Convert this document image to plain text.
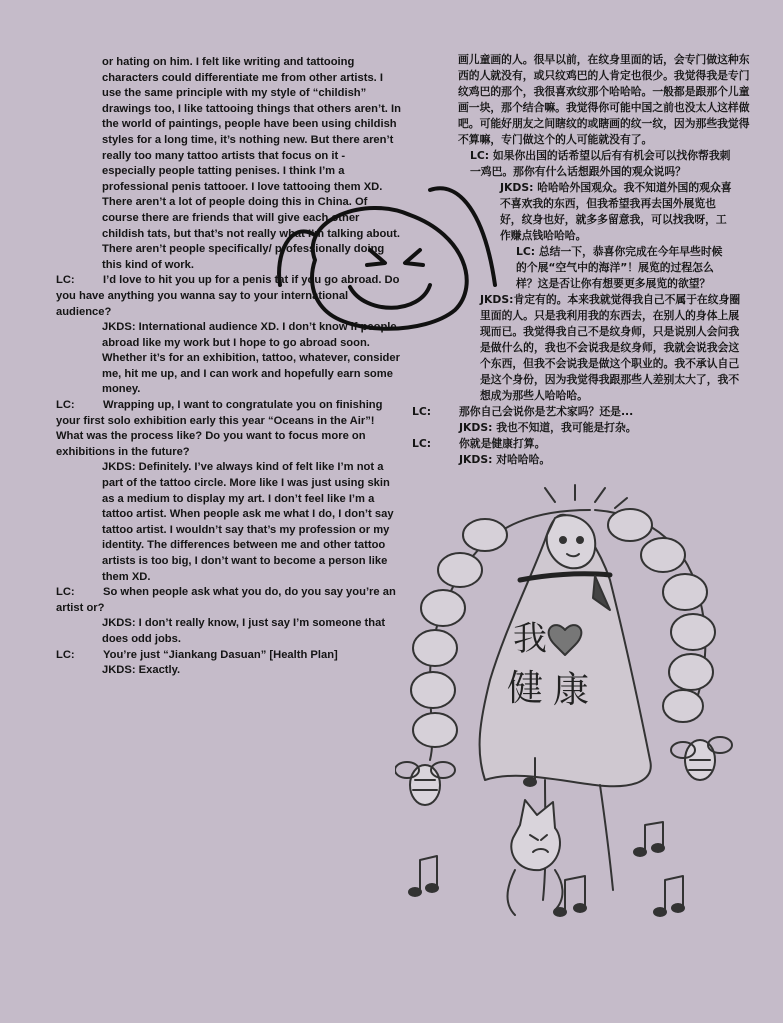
or hating on him. I felt like writing and tattooing characters could differentiate me from other artists. I use the same principle with my style of “childish” drawings too, I like tattooing things that others aren’t. In the world of paintings, people have been using childish styles for a long time, it’s nothing new. But there aren’t really too many tattoo artists that focus on it - especially people tatting penises. I think I’m a professional penis tattooer. I love tattooing them XD. There aren’t a lot of people doing this in China. Of course there are friends that will give each other childish tats, but that’s not really what I’m talking about. There aren’t people specifically/ professionally doing this kind of work.

LC:	I’d love to hit you up for a penis tat if you go abroad. Do you have anything you wanna say to your international audience?

JKDS: International audience XD. I don’t know if people abroad like my work but I hope to go abroad soon. Whether it’s for an exhibition, tattoo, whatever, consider me, hit me up, and I can work and hopefully earn some money.

LC:	Wrapping up, I want to congratulate you on finishing your first solo exhibition early this year “Oceans in the Air”! What was the process like? Do you want to focus more on exhibitions in the future?

JKDS: Definitely. I’ve always kind of felt like I’m not a part of the tattoo circle. More like I was just using skin as a medium to display my art. I don’t feel like I’m a tattoo artist. When people ask me what I do, I don’t say tattoo artist. I wouldn’t say that’s my profession or my identity. The differences between me and other tattoo artists is too big, I don’t want to become a person like them XD.

LC:	So when people ask what you do, do you say you’re an artist or?

JKDS: I don’t really know, I just say I’m someone that does odd jobs.

LC:	You’re just “Jiankang Dasuan” [Health Plan]

JKDS: Exactly.

画儿童画的人。很早以前，在纹身里面的话，会专门做这种东西的人就没有，或只纹鸡巴的人肯定也很少。我觉得我是专门纹鸡巴的那个，我很喜欢纹那个哈哈哈。一般都是跟那个儿童画一块，那个结合嘛。我觉得你可能中国之前也没太人这样做吧。可能好朋友之间瞎纹的或瞎画的纹一纹，因为那些我觉得不算嘛，专门做这个的人可能就没有了。

LC: 如果你出国的话希望以后有有机会可以找你帮我刺一鸡巴。那你有什么话想跟外国的观众说吗？

JKDS: 哈哈哈外国观众。我不知道外国的观众喜不喜欢我的东西，但我希望我再去国外展览也好，纹身也好，就多多留意我，可以找我呀，工作赚点钱哈哈哈。

LC: 总结一下，恭喜你完成在今年早些时候的个展“空气中的海洋”！展览的过程怎么样？这是否让你有想要更多展览的欲望？

JKDS:肯定有的。本来我就觉得我自己不属于在纹身圈里面的人。只是我利用我的东西去，在别人的身体上展现而已。我觉得我自己不是纹身师，只是说别人会问我是做什么的，我也不会说我是纹身师，我就会说我会这个东西，但我不会说我是做这个职业的。我不承认自己是这个身份，因为我觉得我跟那些人差别太大了，我不想成为那些人哈哈哈。

LC:	那你自己会说你是艺术家吗？还是...

JKDS: 我也不知道，我可能是打杂。

LC:	你就是健康打算。

JKDS: 对哈哈哈。

我
健 康
